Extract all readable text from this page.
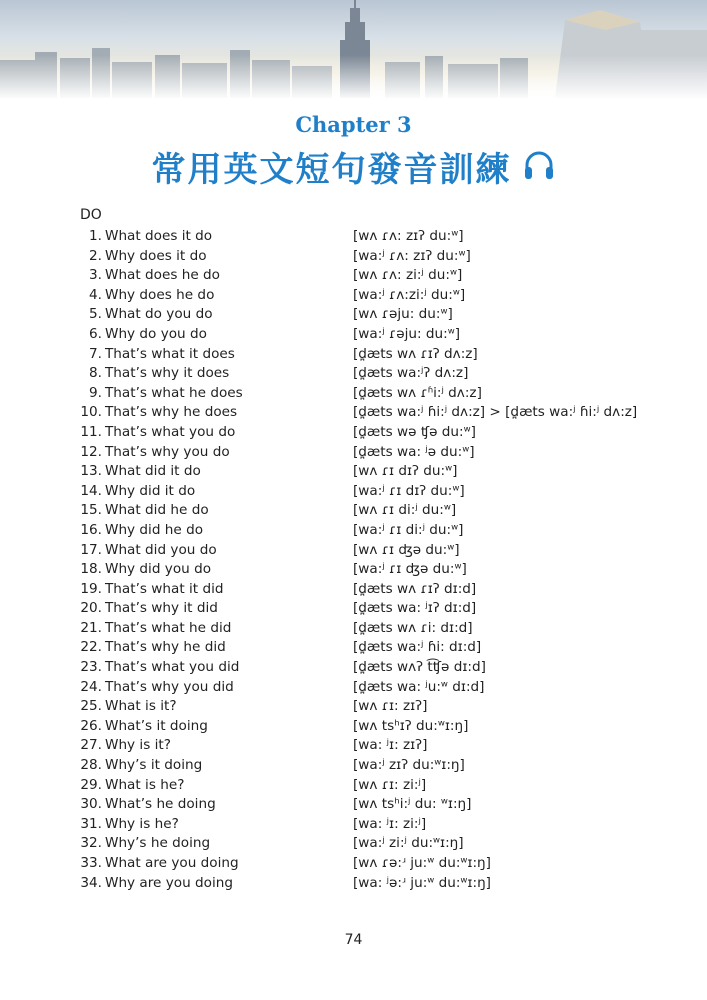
Chapter 3
常用英文短句發音訓練
DO
1. What does it do	[wʌ ɾʌ: zɪʔ du:ʷ]
2. Why does it do	[wa:ʲ ɾʌ: zɪʔ du:ʷ]
3. What does he do	[wʌ ɾʌ: zi:ʲ du:ʷ]
4. Why does he do	[wa:ʲ ɾʌ:zi:ʲ du:ʷ]
5. What do you do	[wʌ ɾəju: du:ʷ]
6. Why do you do	[wa:ʲ ɾəju: du:ʷ]
7. That’s what it does	[d̪æts wʌ ɾɪʔ dʌ:z]
8. That’s why it does	[d̪æts wa:ʲʔ dʌ:z]
9. That’s what he does	[d̪æts wʌ ɾʱi:ʲ dʌ:z]
10. That’s why he does	[d̪æts wa:ʲ ɦi:ʲ dʌ:z] > [d̪æts wa:ʲ ɦi:ʲ dʌ:z]
11. That’s what you do	[d̪æts wə ʧə du:ʷ]
12. That’s why you do	[d̪æts wa: ʲə du:ʷ]
13. What did it do	[wʌ ɾɪ dɪʔ du:ʷ]
14. Why did it do	[wa:ʲ ɾɪ dɪʔ du:ʷ]
15. What did he do	[wʌ ɾɪ di:ʲ du:ʷ]
16. Why did he do	[wa:ʲ ɾɪ di:ʲ du:ʷ]
17. What did you do	[wʌ ɾɪ ʤə du:ʷ]
18. Why did you do	[wa:ʲ ɾɪ ʤə du:ʷ]
19. That’s what it did	[d̪æts wʌ ɾɪʔ dɪ:d]
20. That’s why it did	[d̪æts wa: ʲɪʔ dɪ:d]
21. That’s what he did	[d̪æts wʌ ɾi: dɪ:d]
22. That’s why he did	[d̪æts wa:ʲ ɦi: dɪ:d]
23. That’s what you did	[d̪æts wʌʔ t͡ʧə dɪ:d]
24. That’s why you did	[d̪æts wa: ʲu:ʷ dɪ:d]
25. What is it?	[wʌ ɾɪ: zɪʔ]
26. What’s it doing	[wʌ tsʰɪʔ du:ʷɪ:ŋ]
27. Why is it?	[wa: ʲɪ: zɪʔ]
28. Why’s it doing	[wa:ʲ zɪʔ du:ʷɪ:ŋ]
29. What is he?	[wʌ ɾɪ: zi:ʲ]
30. What’s he doing	[wʌ tsʰi:ʲ du: ʷɪ:ŋ]
31. Why is he?	[wa: ʲɪ: zi:ʲ]
32. Why’s he doing	[wa:ʲ zi:ʲ du:ʷɪ:ŋ]
33. What are you doing	[wʌ ɾə:ʴ ju:ʷ du:ʷɪ:ŋ]
34. Why are you doing	[wa: ʲə:ʴ ju:ʷ du:ʷɪ:ŋ]
74
